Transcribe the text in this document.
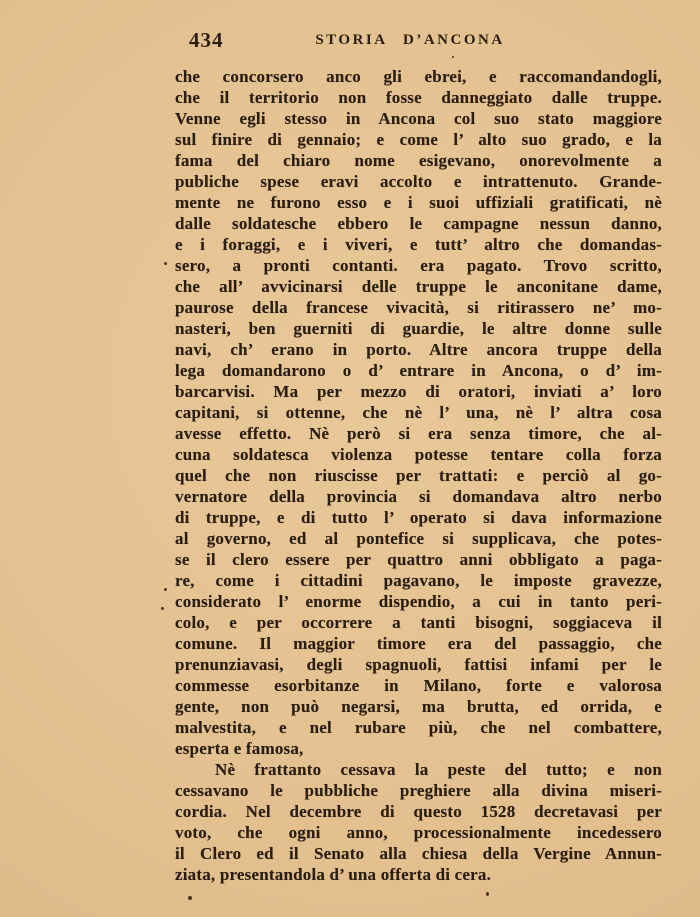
434	STORIA D’ANCONA
che concorsero anco gli ebrei, e raccomandandogli,
che il territorio non fosse danneggiato dalle truppe.
Venne egli stesso in Ancona col suo stato maggiore
sul finire di gennaio; e come l’ alto suo grado, e la
fama del chiaro nome esigevano, onorevolmente a
publiche spese eravi accolto e intrattenuto. Grande-
mente ne furono esso e i suoi uffiziali gratificati, nè
dalle soldatesche ebbero le campagne nessun danno,
e i foraggi, e i viveri, e tutt’ altro che domandas-
sero, a pronti contanti. era pagato. Trovo scritto,
che all’ avvicinarsi delle truppe le anconitane dame,
paurose della francese vivacità, si ritirassero ne’ mo-
nasteri, ben guerniti di guardie, le altre donne sulle
navi, ch’ erano in porto. Altre ancora truppe della
lega domandarono o d’ entrare in Ancona, o d’ im-
barcarvisi. Ma per mezzo di oratori, inviati a’ loro
capitani, si ottenne, che nè l’ una, nè l’ altra cosa
avesse effetto. Nè però si era senza timore, che al-
cuna soldatesca violenza potesse tentare colla forza
quel che non riuscisse per trattati: e perciò al go-
vernatore della provincia si domandava altro nerbo
di truppe, e di tutto l’ operato si dava informazione
al governo, ed al pontefice si supplicava, che potes-
se il clero essere per quattro anni obbligato a paga-
re, come i cittadini pagavano, le imposte gravezze,
considerato l’ enorme dispendio, a cui in tanto peri-
colo, e per occorrere a tanti bisogni, soggiaceva il
comune. Il maggior timore era del passaggio, che
prenunziavasi, degli spagnuoli, fattisi infami per le
commesse esorbitanze in Milano, forte e valorosa
gente, non può negarsi, ma brutta, ed orrida, e
malvestita, e nel rubare più, che nel combattere,
esperta e famosa,
Nè frattanto cessava la peste del tutto; e non
cessavano le pubbliche preghiere alla divina miseri-
cordia. Nel decembre di questo 1528 decretavasi per
voto, che ogni anno, processionalmente incedessero
il Clero ed il Senato alla chiesa della Vergine Annun-
ziata, presentandola d’ una offerta di cera.
